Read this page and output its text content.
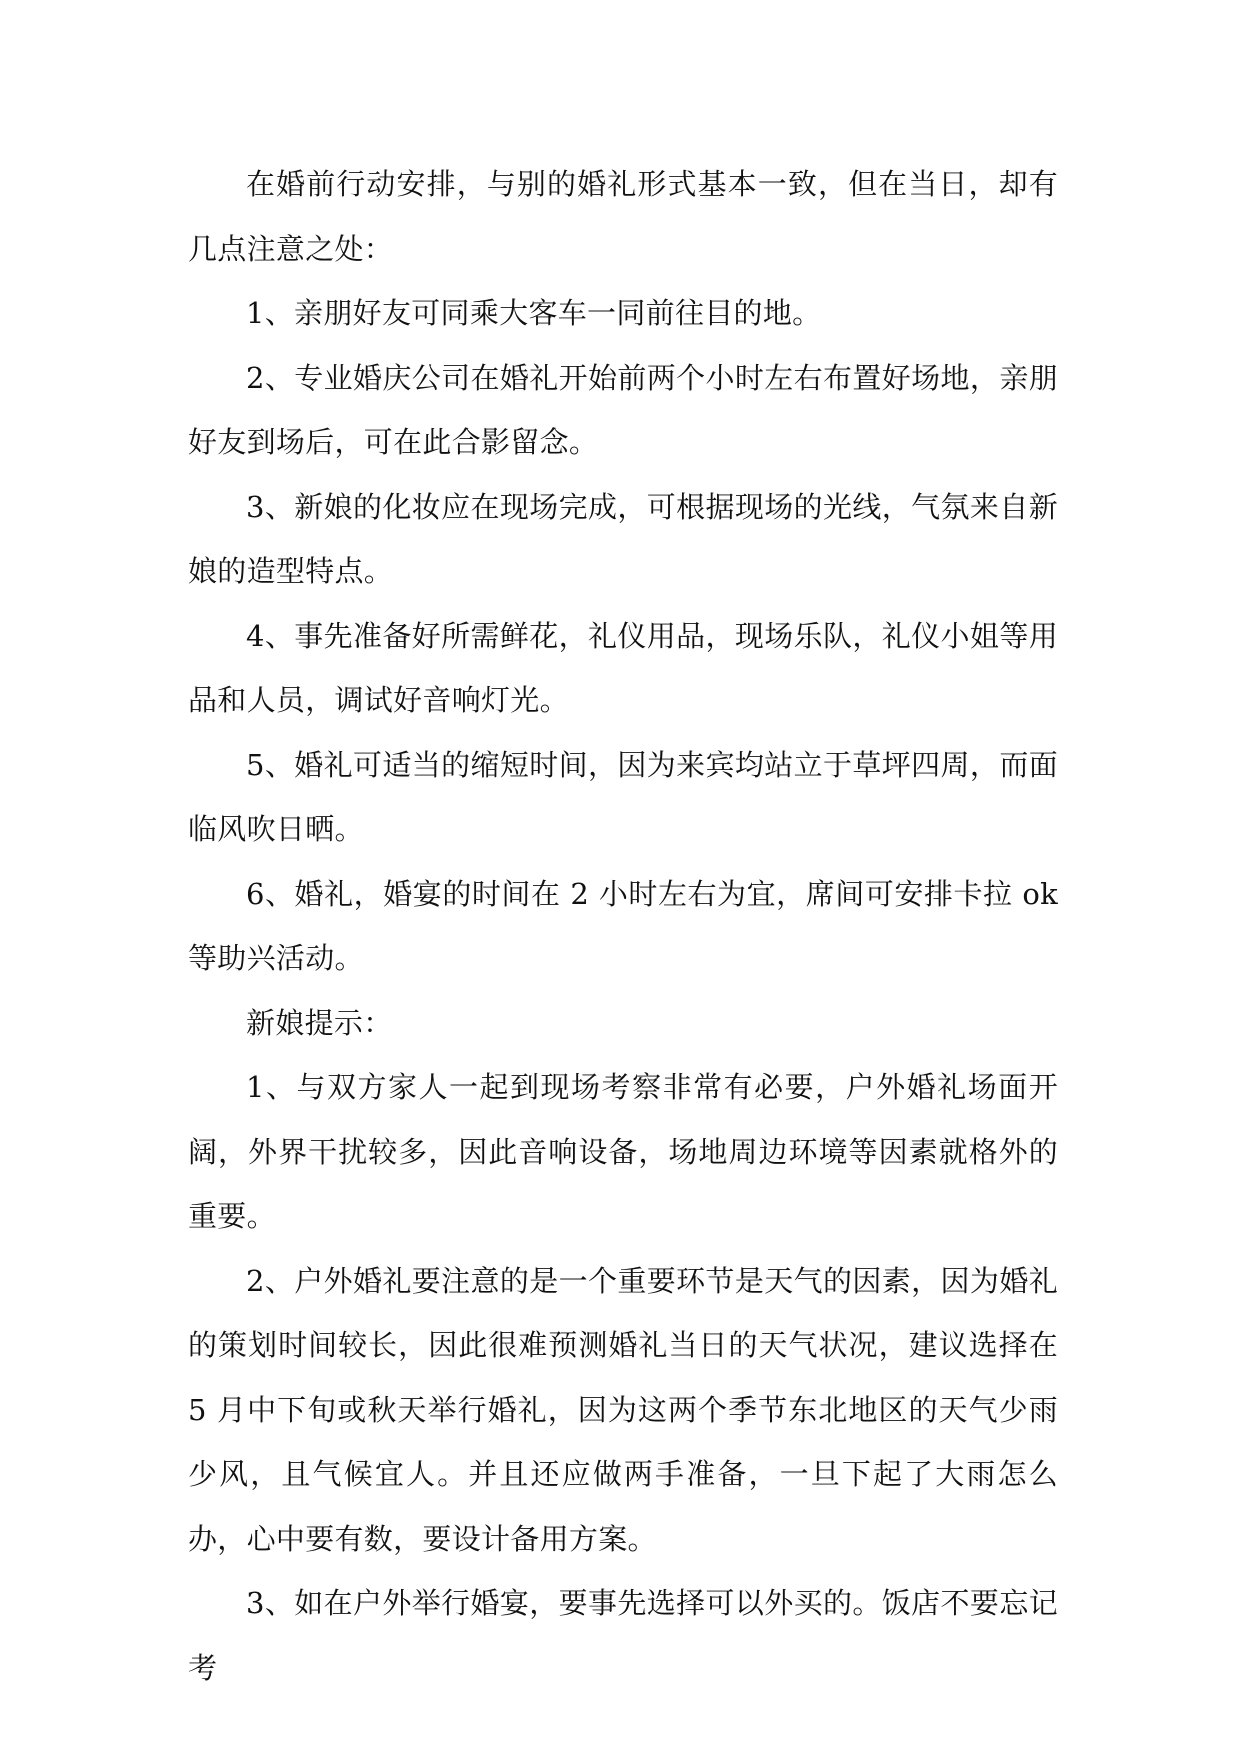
在婚前行动安排，与别的婚礼形式基本一致，但在当日，却有几点注意之处：

1、亲朋好友可同乘大客车一同前往目的地。

2、专业婚庆公司在婚礼开始前两个小时左右布置好场地，亲朋好友到场后，可在此合影留念。

3、新娘的化妆应在现场完成，可根据现场的光线，气氛来自新娘的造型特点。

4、事先准备好所需鲜花，礼仪用品，现场乐队，礼仪小姐等用品和人员，调试好音响灯光。

5、婚礼可适当的缩短时间，因为来宾均站立于草坪四周，而面临风吹日晒。

6、婚礼，婚宴的时间在 2 小时左右为宜，席间可安排卡拉 ok 等助兴活动。

新娘提示：

1、与双方家人一起到现场考察非常有必要，户外婚礼场面开阔，外界干扰较多，因此音响设备，场地周边环境等因素就格外的重要。

2、户外婚礼要注意的是一个重要环节是天气的因素，因为婚礼的策划时间较长，因此很难预测婚礼当日的天气状况，建议选择在 5 月中下旬或秋天举行婚礼，因为这两个季节东北地区的天气少雨少风，且气候宜人。并且还应做两手准备，一旦下起了大雨怎么办，心中要有数，要设计备用方案。

3、如在户外举行婚宴，要事先选择可以外买的。饭店不要忘记考
